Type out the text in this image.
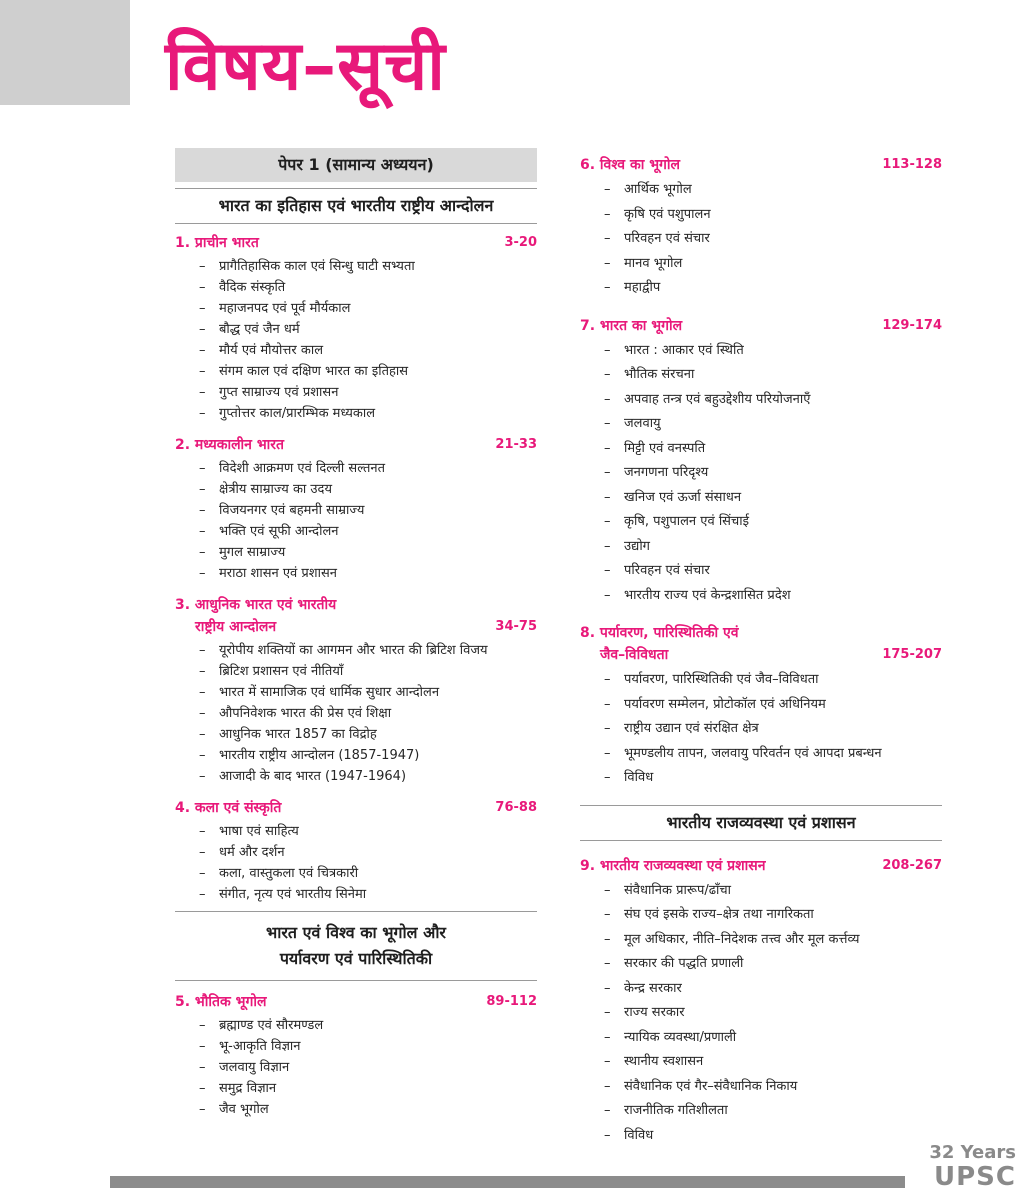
विषय–सूची
पेपर 1 (सामान्य अध्ययन)
भारत का इतिहास एवं भारतीय राष्ट्रीय आन्दोलन
1. प्राचीन भारत	3-20
– प्रागैतिहासिक काल एवं सिन्धु घाटी सभ्यता
– वैदिक संस्कृति
– महाजनपद एवं पूर्व मौर्यकाल
– बौद्ध एवं जैन धर्म
– मौर्य एवं मौयोत्तर काल
– संगम काल एवं दक्षिण भारत का इतिहास
– गुप्त साम्राज्य एवं प्रशासन
– गुप्तोत्तर काल/प्रारम्भिक मध्यकाल
2. मध्यकालीन भारत	21-33
– विदेशी आक्रमण एवं दिल्ली सल्तनत
– क्षेत्रीय साम्राज्य का उदय
– विजयनगर एवं बहमनी साम्राज्य
– भक्ति एवं सूफी आन्दोलन
– मुगल साम्राज्य
– मराठा शासन एवं प्रशासन
3. आधुनिक भारत एवं भारतीय
राष्ट्रीय आन्दोलन	34-75
– यूरोपीय शक्तियों का आगमन और भारत की ब्रिटिश विजय
– ब्रिटिश प्रशासन एवं नीतियाँ
– भारत में सामाजिक एवं धार्मिक सुधार आन्दोलन
– औपनिवेशक भारत की प्रेस एवं शिक्षा
– आधुनिक भारत 1857 का विद्रोह
– भारतीय राष्ट्रीय आन्दोलन (1857-1947)
– आजादी के बाद भारत (1947-1964)
4. कला एवं संस्कृति	76-88
– भाषा एवं साहित्य
– धर्म और दर्शन
– कला, वास्तुकला एवं चित्रकारी
– संगीत, नृत्य एवं भारतीय सिनेमा
भारत एवं विश्व का भूगोल और
पर्यावरण एवं पारिस्थितिकी
5. भौतिक भूगोल	89-112
– ब्रह्माण्ड एवं सौरमण्डल
– भू-आकृति विज्ञान
– जलवायु विज्ञान
– समुद्र विज्ञान
– जैव भूगोल
6. विश्व का भूगोल	113-128
– आर्थिक भूगोल
– कृषि एवं पशुपालन
– परिवहन एवं संचार
– मानव भूगोल
– महाद्वीप
7. भारत का भूगोल	129-174
– भारत : आकार एवं स्थिति
– भौतिक संरचना
– अपवाह तन्त्र एवं बहुउद्देशीय परियोजनाएँ
– जलवायु
– मिट्टी एवं वनस्पति
– जनगणना परिदृश्य
– खनिज एवं ऊर्जा संसाधन
– कृषि, पशुपालन एवं सिंचाई
– उद्योग
– परिवहन एवं संचार
– भारतीय राज्य एवं केन्द्रशासित प्रदेश
8. पर्यावरण, पारिस्थितिकी एवं
जैव–विविधता	175-207
– पर्यावरण, पारिस्थितिकी एवं जैव–विविधता
– पर्यावरण सम्मेलन, प्रोटोकॉल एवं अधिनियम
– राष्ट्रीय उद्यान एवं संरक्षित क्षेत्र
– भूमण्डलीय तापन, जलवायु परिवर्तन एवं आपदा प्रबन्धन
– विविध
भारतीय राजव्यवस्था एवं प्रशासन
9. भारतीय राजव्यवस्था एवं प्रशासन	208-267
– संवैधानिक प्रारूप/ढाँचा
– संघ एवं इसके राज्य–क्षेत्र तथा नागरिकता
– मूल अधिकार, नीति–निदेशक तत्त्व और मूल कर्त्तव्य
– सरकार की पद्धति प्रणाली
– केन्द्र सरकार
– राज्य सरकार
– न्यायिक व्यवस्था/प्रणाली
– स्थानीय स्वशासन
– संवैधानिक एवं गैर–संवैधानिक निकाय
– राजनीतिक गतिशीलता
– विविध
32 Years
UPSC
